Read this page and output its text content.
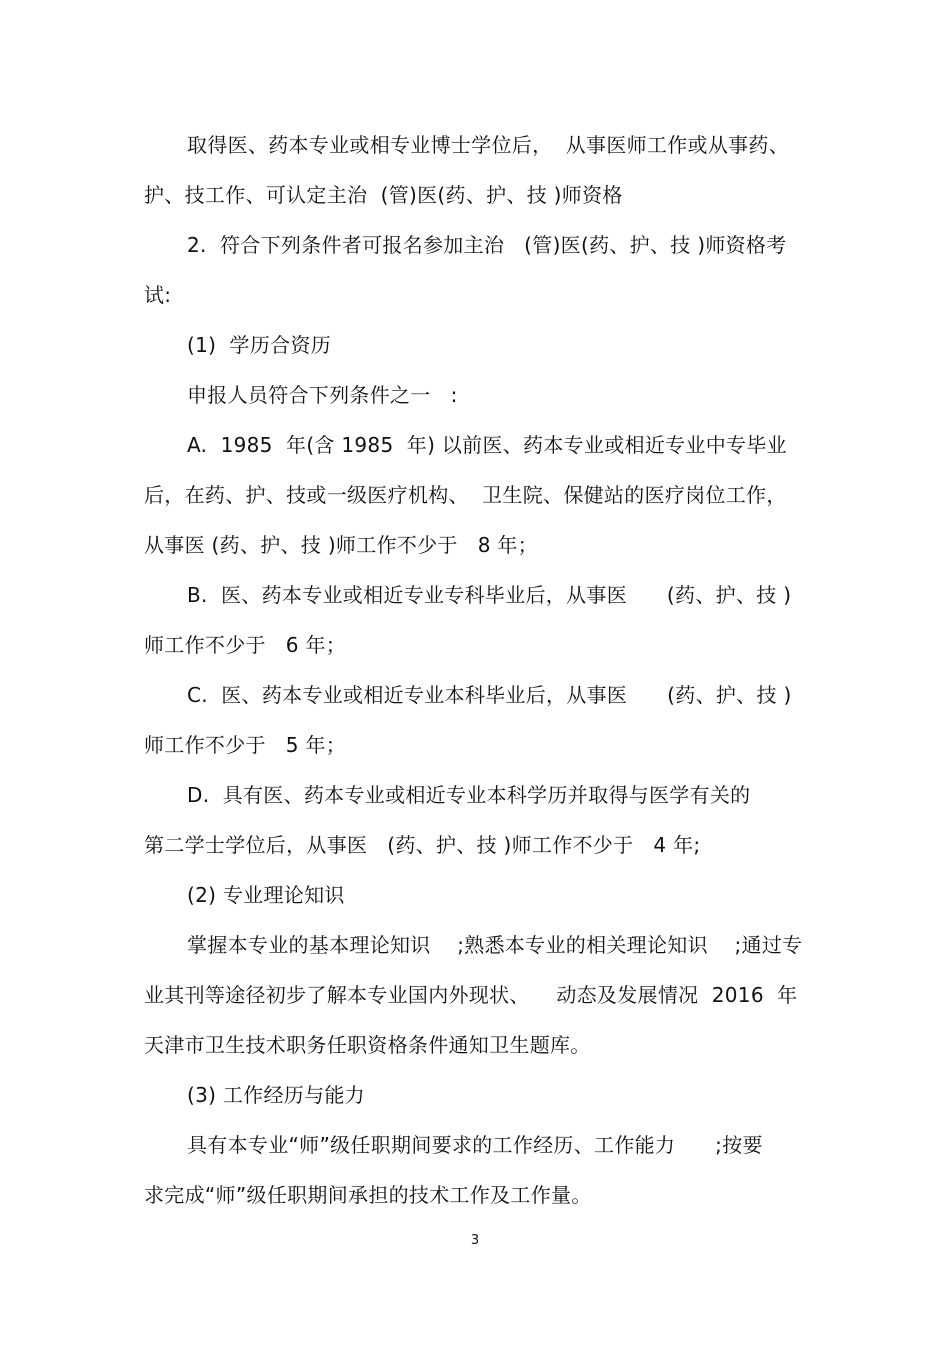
取得医、药本专业或相专业博士学位后，  从事医师工作或从事药、
护、技工作、可认定主治  (管)医(药、护、技 )师资格
2.  符合下列条件者可报名参加主治   (管)医(药、护、技 )师资格考
试:
(1)  学历合资历
申报人员符合下列条件之一   :
A.  1985  年(含 1985  年) 以前医、药本专业或相近专业中专毕业
后，在药、护、技或一级医疗机构、  卫生院、保健站的医疗岗位工作，
从事医 (药、护、技 )师工作不少于   8 年；
B.  医、药本专业或相近专业专科毕业后，从事医      (药、护、技 )
师工作不少于   6 年；
C.  医、药本专业或相近专业本科毕业后，从事医      (药、护、技 )
师工作不少于   5 年；
D.  具有医、药本专业或相近专业本科学历并取得与医学有关的
第二学士学位后，从事医   (药、护、技 )师工作不少于   4 年;
(2) 专业理论知识
掌握本专业的基本理论知识    ;熟悉本专业的相关理论知识    ;通过专
业其刊等途径初步了解本专业国内外现状、    动态及发展情况  2016  年
天津市卫生技术职务任职资格条件通知卫生题库。
(3) 工作经历与能力
具有本专业“师”级任职期间要求的工作经历、工作能力      ;按要
求完成“师”级任职期间承担的技术工作及工作量。
3
